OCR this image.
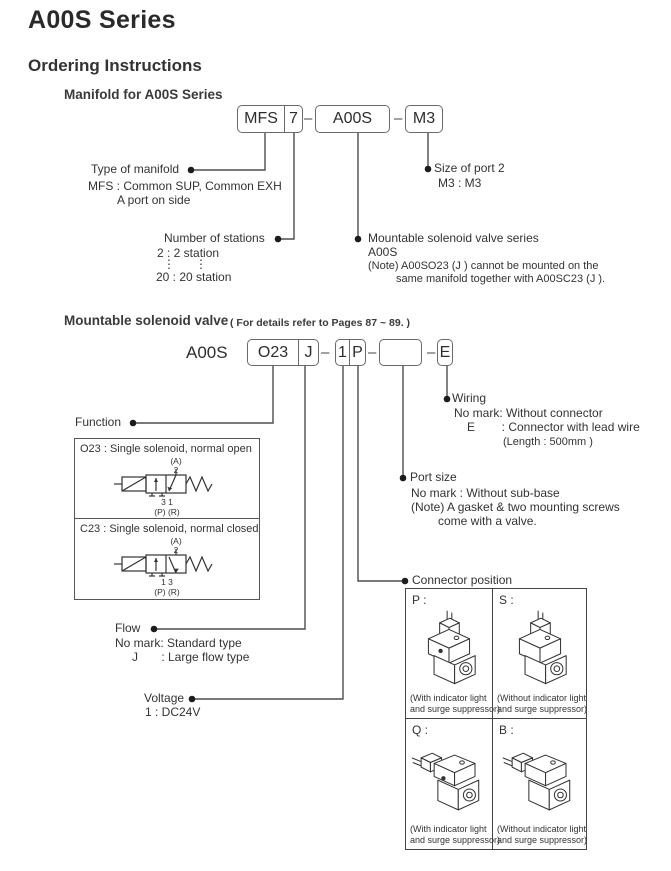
A00S Series
Ordering Instructions
Manifold for A00S Series
MFS 7 –	A00S	– M3
Type of manifold
MFS : Common SUP, Common EXH
A port on side
Number of stations
2 : 2 station
⋮      ⋮
20 : 20 station
Mountable solenoid valve series
A00S
(Note) A00SO23 (J ) cannot be mounted on the
same manifold together with A00SC23 (J ).
Size of port 2
M3 : M3
Mountable solenoid valve ( For details refer to Pages 87 ~ 89. )
A00S	O23	J – 1 P –	– E
Function
O23 : Single solenoid, normal open
(A)
2
3 1
(P) (R)
C23 : Single solenoid, normal closed
(A)
2
1 3
(P) (R)
Flow
No mark: Standard type
J       : Large flow type
Voltage
1 : DC24V
Wiring
No mark: Without connector
E        : Connector with lead wire
(Length : 500mm )
Port size
No mark : Without sub-base
(Note) A gasket & two mounting screws
come with a valve.
Connector position
P :
(With indicator light
and surge suppressor)
S :
(Without indicator light
and surge suppressor)
Q :
(With indicator light
and surge suppressor)
B :
(Without indicator light
and surge suppressor)
